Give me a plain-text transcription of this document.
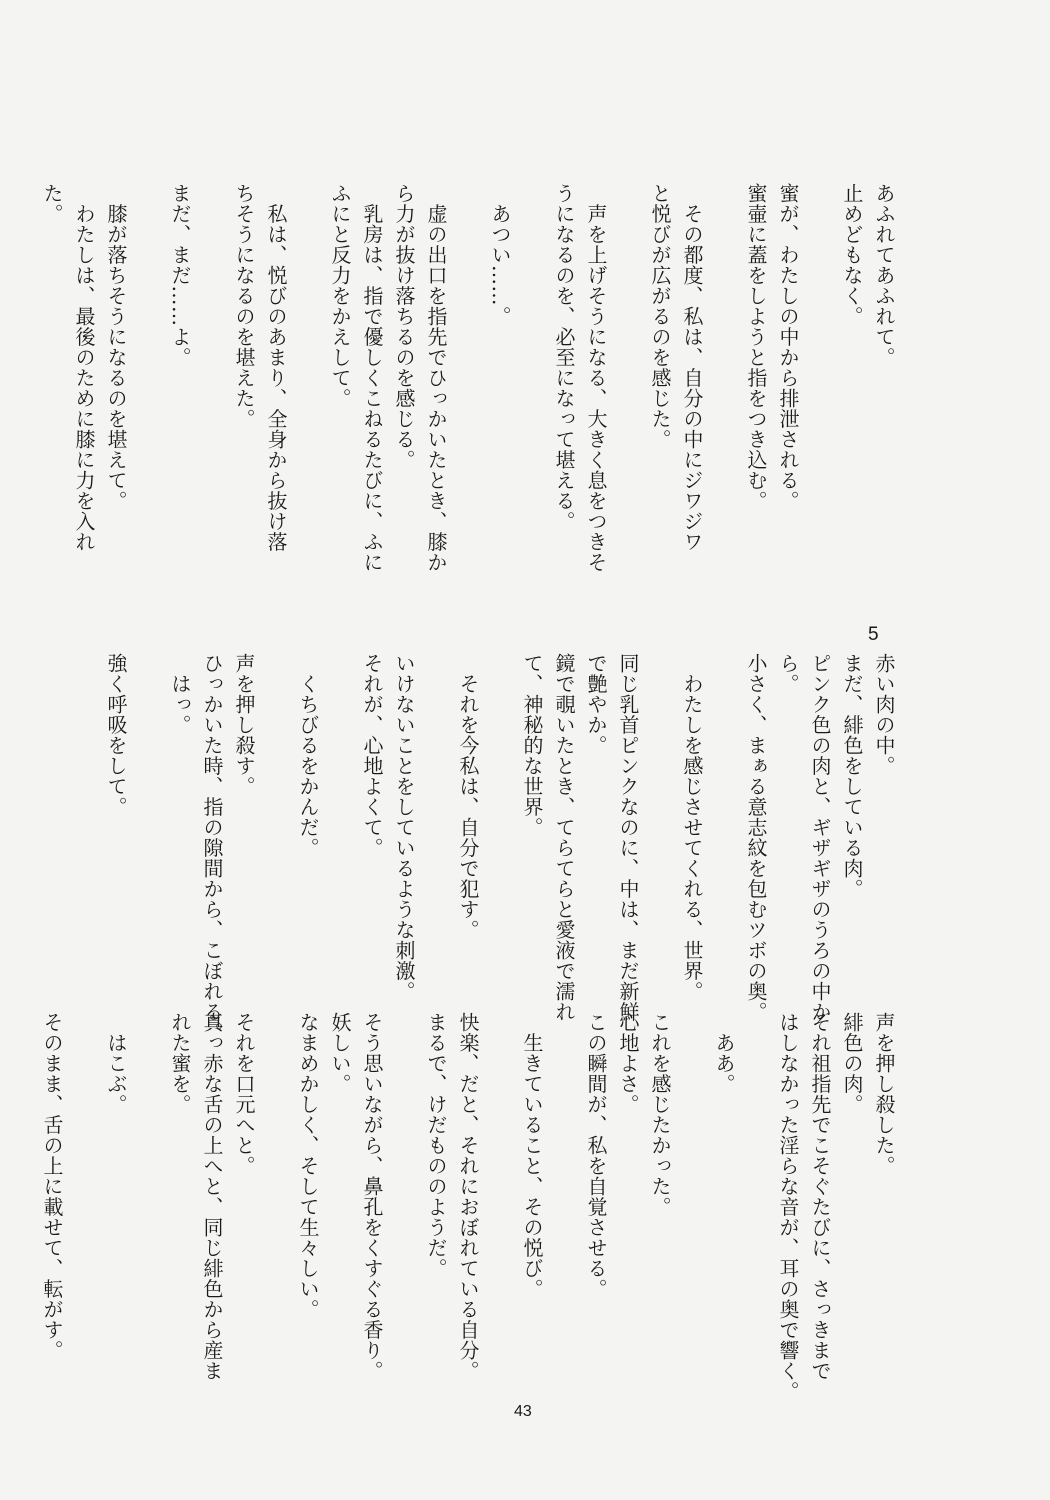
あふれてあふれて。
止めどもなく。

蜜が、わたしの中から排泄される。
蜜壷に蓋をしようと指をつき込む。

　その都度、私は、自分の中にジワジワ
と悦びが広がるのを感じた。

　声を上げそうになる、大きく息をつきそ
うになるのを、必至になって堪える。

　あつい……。

　虚の出口を指先でひっかいたとき、膝か
ら力が抜け落ちるのを感じる。
　乳房は、指で優しくこねるたびに、ふに
ふにと反力をかえして。

　私は、悦びのあまり、全身から抜け落
ちそうになるのを堪えた。

まだ、まだ……よ。

　膝が落ちそうになるのを堪えて。
　わたしは、最後のために膝に力を入れ
た。
5
赤い肉の中。
まだ、緋色をしている肉。
ピンク色の肉と、ギザギザのうろの中か
ら。
小さく、まぁる意志紋を包むツボの奥。

　わたしを感じさせてくれる、世界。

同じ乳首ピンクなのに、中は、まだ新鮮
で艶やか。
鏡で覗いたとき、てらてらと愛液で濡れ
て、神秘的な世界。

　それを今私は、自分で犯す。

いけないことをしているような刺激。
それが、心地よくて。

　くちびるをかんだ。

声を押し殺す。
ひっかいた時、指の隙間から、こぼれる。
　はっ。

強く呼吸をして。
声を押し殺した。
緋色の肉。
それ祖指先でこそぐたびに、さっきまで
はしなかった淫らな音が、耳の奥で響く。

　ああ。

これを感じたかった。
心地よさ。
この瞬間が、私を自覚させる。

　生きていること、その悦び。

快楽、だと、それにおぼれている自分。
まるで、けだもののようだ。

そう思いながら、鼻孔をくすぐる香り。
妖しい。
なまめかしく、そして生々しい。

それを口元へと。
真っ赤な舌の上へと、同じ緋色から産ま
れた蜜を。

　はこぶ。

そのまま、舌の上に載せて、転がす。
43
